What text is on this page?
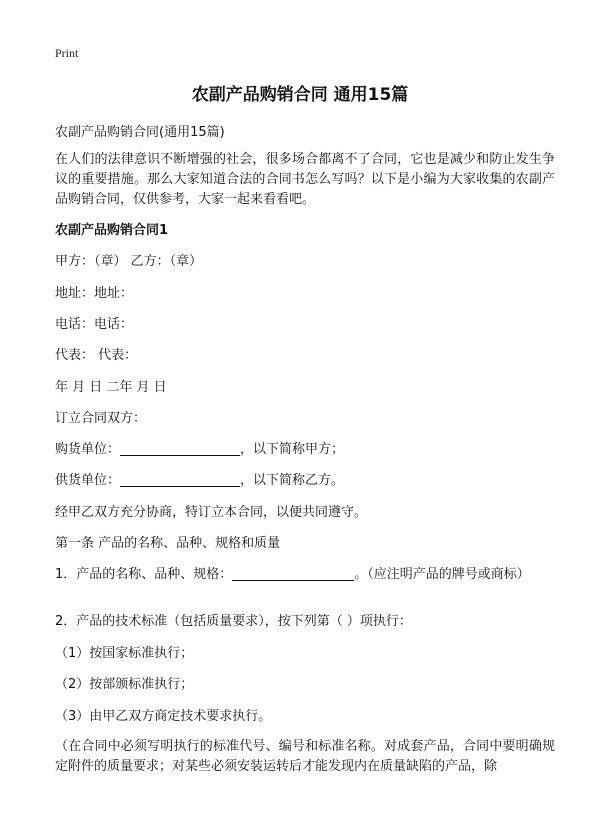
Print
农副产品购销合同 通用15篇
农副产品购销合同(通用15篇)
在人们的法律意识不断增强的社会，很多场合都离不了合同，它也是减少和防止发生争议的重要措施。那么大家知道合法的合同书怎么写吗？以下是小编为大家收集的农副产品购销合同，仅供参考，大家一起来看看吧。
农副产品购销合同1
甲方：（章） 乙方：（章）
地址：地址：
电话：电话：
代表： 代表：
年 月 日 二年 月 日
订立合同双方：
购货单位：	，以下简称甲方；
供货单位：	，以下简称乙方。
经甲乙双方充分协商，特订立本合同，以便共同遵守。
第一条 产品的名称、品种、规格和质量
1．产品的名称、品种、规格：	。（应注明产品的牌号或商标）
2．产品的技术标准（包括质量要求），按下列第（ ）项执行：
（1）按国家标准执行；
（2）按部颁标准执行；
（3）由甲乙双方商定技术要求执行。
（在合同中必须写明执行的标准代号、编号和标准名称。对成套产品，合同中要明确规定附件的质量要求；对某些必须安装运转后才能发现内在质量缺陷的产品，除
